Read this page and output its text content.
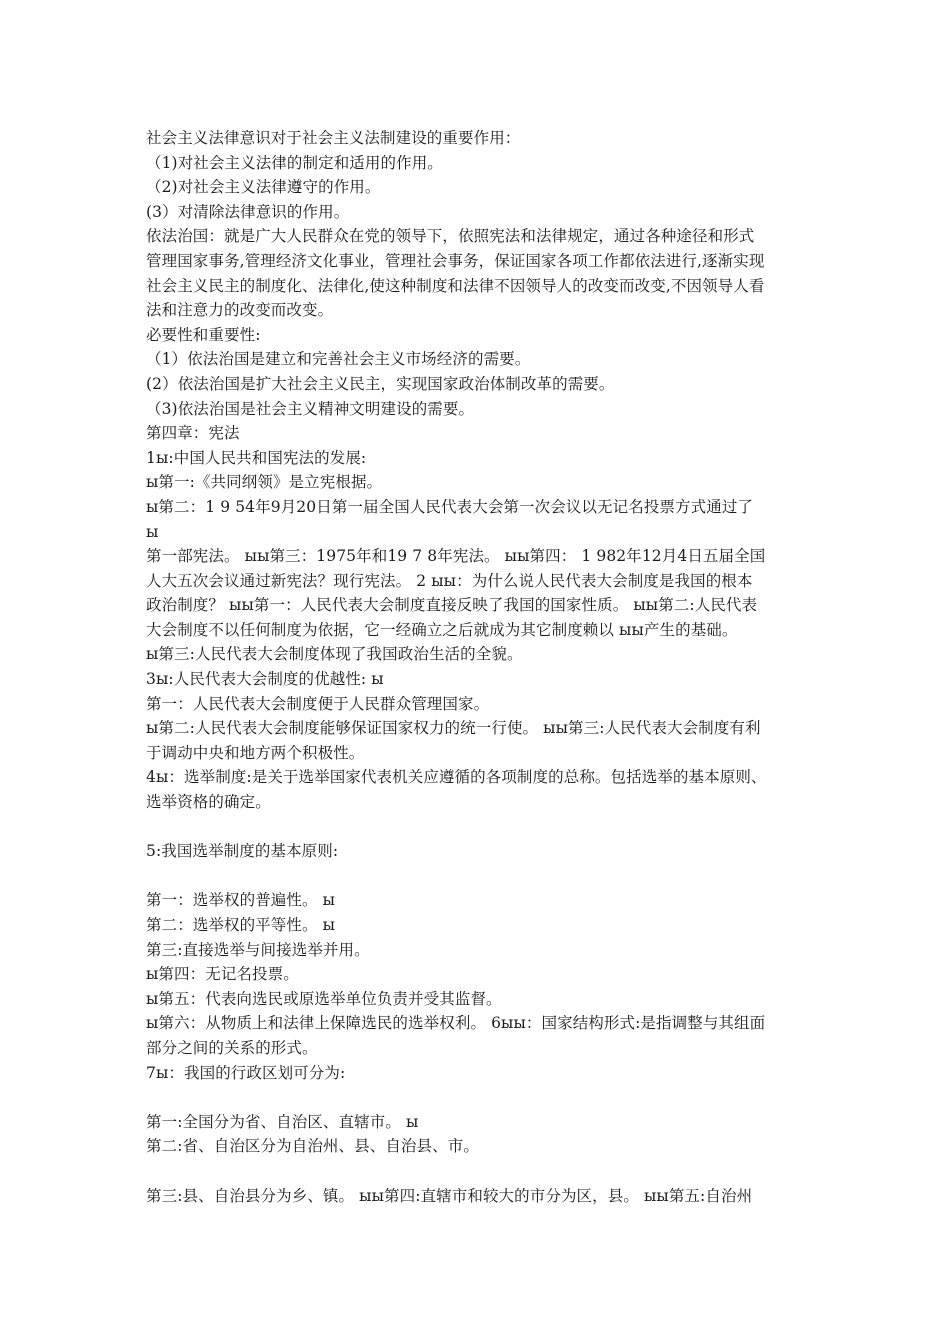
社会主义法律意识对于社会主义法制建设的重要作用：
（1)对社会主义法律的制定和适用的作用。
（2)对社会主义法律遵守的作用。
(3）对清除法律意识的作用。
依法治国：就是广大人民群众在党的领导下，依照宪法和法律规定，通过各种途径和形式
管理国家事务,管理经济文化事业，管理社会事务，保证国家各项工作都依法进行,逐渐实现
社会主义民主的制度化、法律化,使这种制度和法律不因领导人的改变而改变,不因领导人看
法和注意力的改变而改变。
必要性和重要性:
（1）依法治国是建立和完善社会主义市场经济的需要。
(2）依法治国是扩大社会主义民主，实现国家政治体制改革的需要。
（3)依法治国是社会主义精神文明建设的需要。
第四章：宪法
1ы:中国人民共和国宪法的发展:
ы第一:《共同纲领》是立宪根据。
ы第二：1 9 54年9月20日第一届全国人民代表大会第一次会议以无记名投票方式通过了
ы
第一部宪法。 ыы第三：1975年和19 7 8年宪法。 ыы第四： 1 982年12月4日五届全国
人大五次会议通过新宪法？现行宪法。 2 ыы：为什么说人民代表大会制度是我国的根本
政治制度？ ыы第一：人民代表大会制度直接反映了我国的国家性质。 ыы第二:人民代表
大会制度不以任何制度为依据，它一经确立之后就成为其它制度赖以 ыы产生的基础。
ы第三:人民代表大会制度体现了我国政治生活的全貌。
3ы:人民代表大会制度的优越性: ы
第一：人民代表大会制度便于人民群众管理国家。
ы第二:人民代表大会制度能够保证国家权力的统一行使。 ыы第三:人民代表大会制度有利
于调动中央和地方两个积极性。
4ы：选举制度:是关于选举国家代表机关应遵循的各项制度的总称。包括选举的基本原则、
选举资格的确定。
5:我国选举制度的基本原则:
第一：选举权的普遍性。 ы
第二：选举权的平等性。 ы
第三:直接选举与间接选举并用。
ы第四：无记名投票。
ы第五：代表向选民或原选举单位负责并受其监督。
ы第六：从物质上和法律上保障选民的选举权利。 6ыы：国家结构形式:是指调整与其组面
部分之间的关系的形式。
7ы：我国的行政区划可分为:
第一:全国分为省、自治区、直辖市。 ы
第二:省、自治区分为自治州、县、自治县、市。
第三:县、自治县分为乡、镇。 ыы第四:直辖市和较大的市分为区，县。 ыы第五:自治州
